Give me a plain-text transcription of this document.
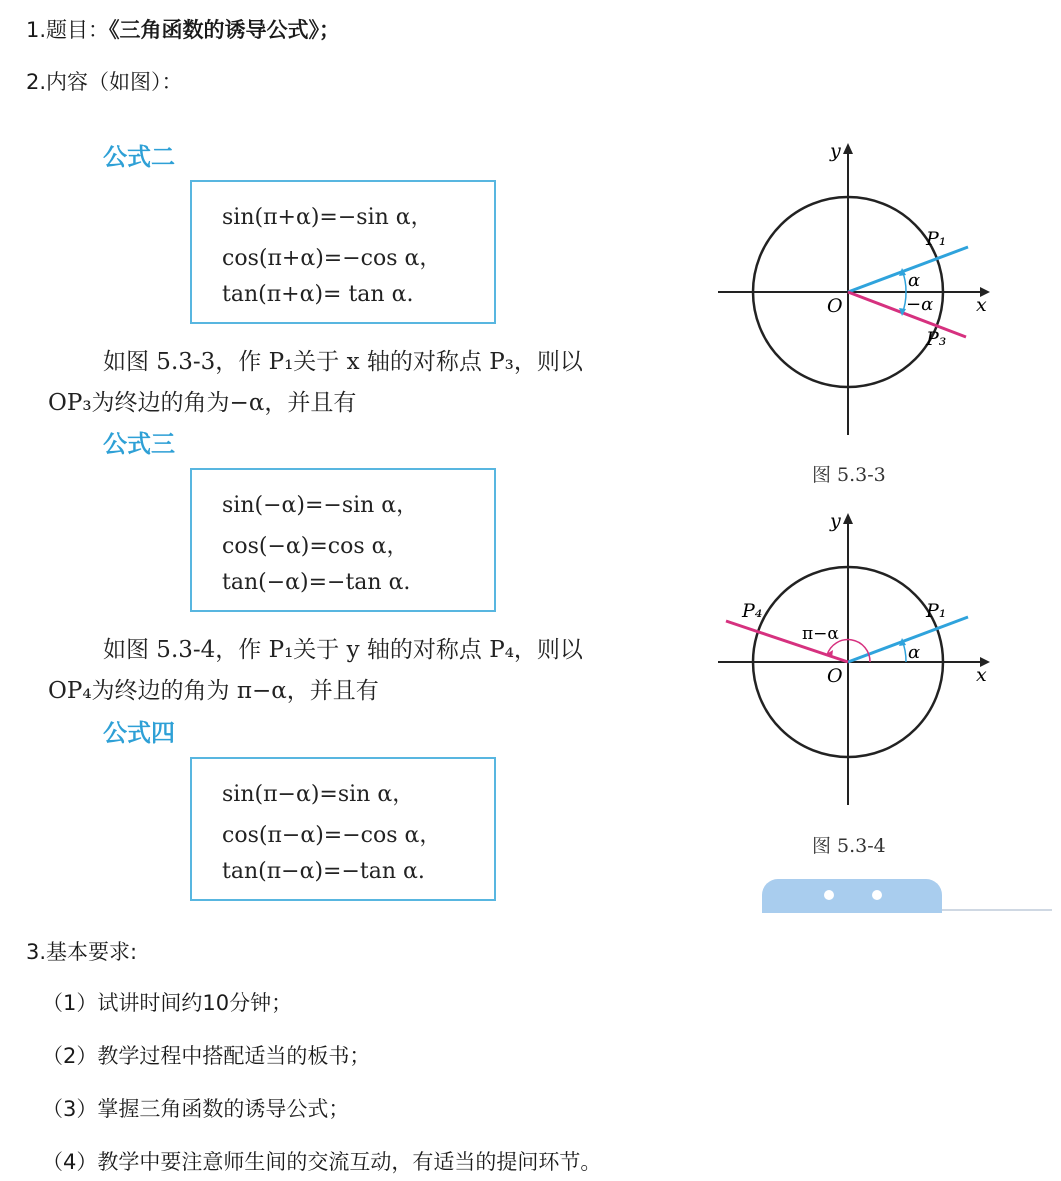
1.题目：《三角函数的诱导公式》；
2.内容（如图）：
公式二
sin(π+α)=−sin α，
cos(π+α)=−cos α，
tan(π+α)= tan α.
如图 5.3-3，作 P₁关于 x 轴的对称点 P₃，则以
OP₃为终边的角为−α，并且有
公式三
sin(−α)=−sin α，
cos(−α)=cos α，
tan(−α)=−tan α.
如图 5.3-4，作 P₁关于 y 轴的对称点 P₄，则以
OP₄为终边的角为 π−α，并且有
公式四
sin(π−α)=sin α，
cos(π−α)=−cos α，
tan(π−α)=−tan α.
y
x
O
P₁
P₃
α
−α
图 5.3-3
y
x
O
P₁
P₄
α
π−α
图 5.3-4
3.基本要求:
（1）试讲时间约10分钟；
（2）教学过程中搭配适当的板书；
（3）掌握三角函数的诱导公式；
（4）教学中要注意师生间的交流互动，有适当的提问环节。
